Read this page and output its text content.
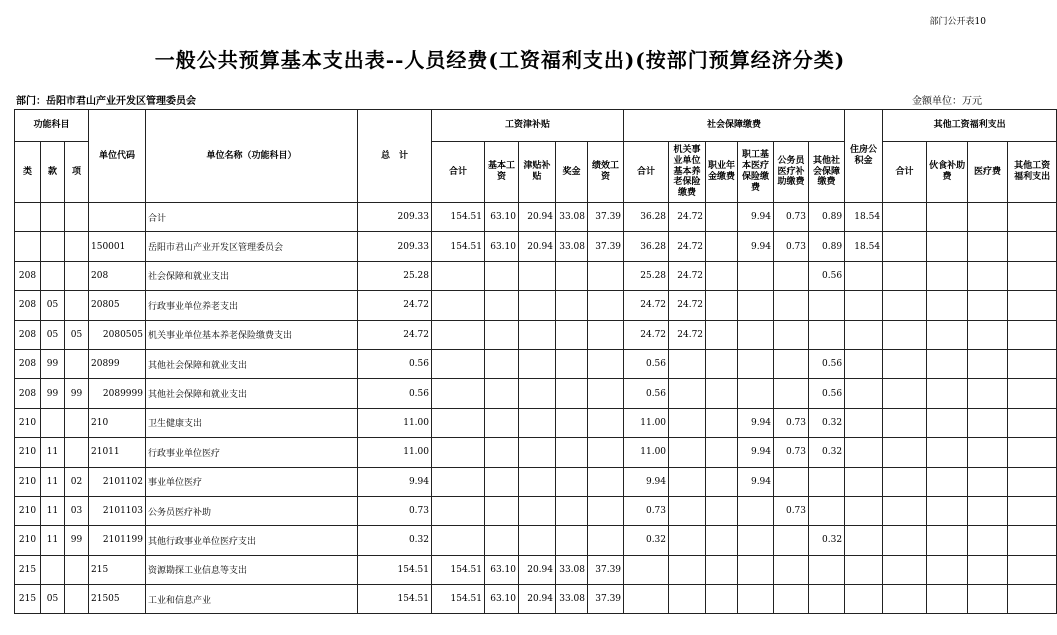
部门公开表10
一般公共预算基本支出表--人员经费(工资福利支出)(按部门预算经济分类)
部门：岳阳市君山产业开发区管理委员会	金额单位：万元
功能科目			单位代码	单位名称（功能科目）	总　计	工资津补贴					社会保障缴费						住房公积金	其他工资福利支出			
类	款	项				合计	基本工资	津贴补贴	奖金	绩效工资	合计	机关事业单位基本养老保险缴费	职业年金缴费	职工基本医疗保险缴费	公务员医疗补助缴费	其他社会保障缴费		合计	伙食补助费	医疗费	其他工资福利支出
				合计	209.33	154.51	63.10	20.94	33.08	37.39	36.28	24.72		9.94	0.73	0.89	18.54				
			150001	岳阳市君山产业开发区管理委员会	209.33	154.51	63.10	20.94	33.08	37.39	36.28	24.72		9.94	0.73	0.89	18.54				
208			208	社会保障和就业支出	25.28						25.28	24.72				0.56					
208	05		20805	行政事业单位养老支出	24.72						24.72	24.72									
208	05	05	2080505	机关事业单位基本养老保险缴费支出	24.72						24.72	24.72									
208	99		20899	其他社会保障和就业支出	0.56						0.56					0.56					
208	99	99	2089999	其他社会保障和就业支出	0.56						0.56					0.56					
210			210	卫生健康支出	11.00						11.00			9.94	0.73	0.32					
210	11		21011	行政事业单位医疗	11.00						11.00			9.94	0.73	0.32					
210	11	02	2101102	事业单位医疗	9.94						9.94			9.94							
210	11	03	2101103	公务员医疗补助	0.73						0.73				0.73						
210	11	99	2101199	其他行政事业单位医疗支出	0.32						0.32					0.32					
215			215	资源勘探工业信息等支出	154.51	154.51	63.10	20.94	33.08	37.39											
215	05		21505	工业和信息产业	154.51	154.51	63.10	20.94	33.08	37.39											
